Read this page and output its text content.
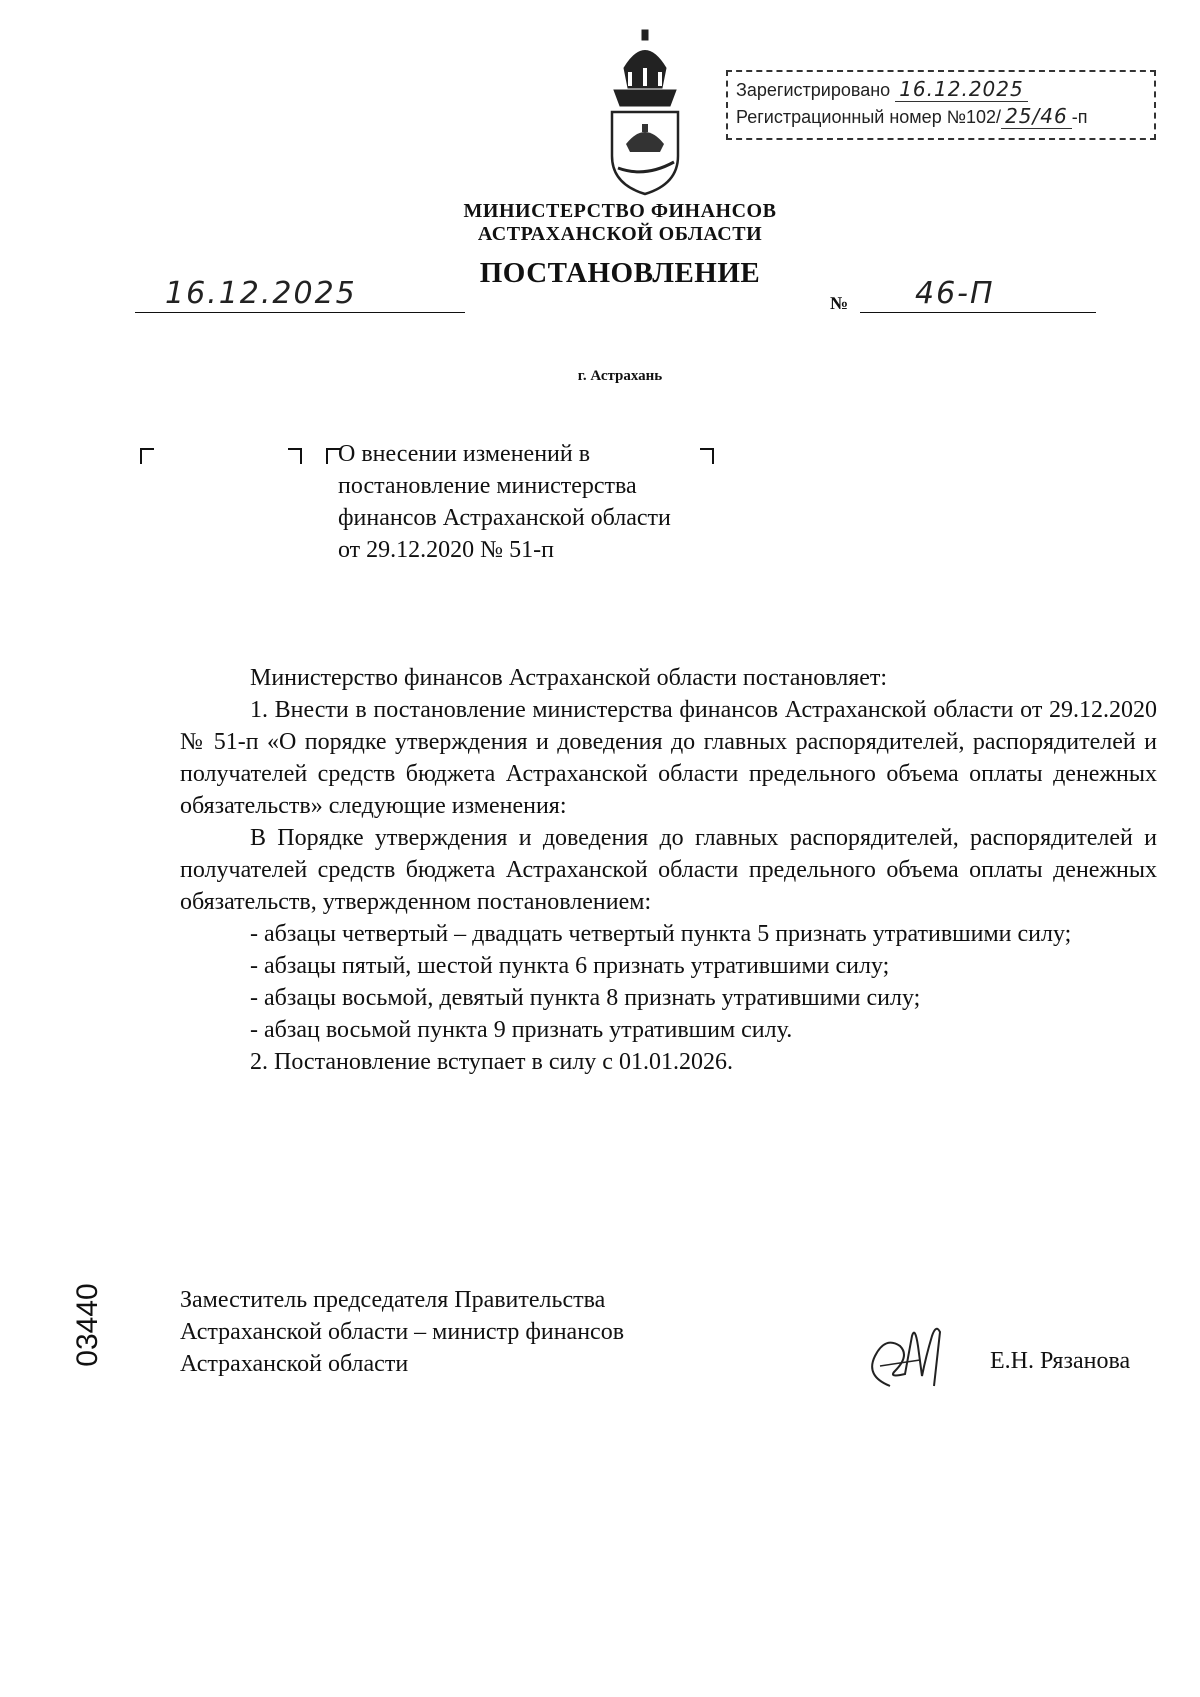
Зарегистрировано 16.12.2025
Регистрационный номер №102/ 25/46 -п
МИНИСТЕРСТВО ФИНАНСОВ
АСТРАХАНСКОЙ ОБЛАСТИ
ПОСТАНОВЛЕНИЕ
16.12.2025	№ 46-П
г. Астрахань
О внесении изменений в
постановление министерства
финансов Астраханской области
от 29.12.2020 № 51-п

Министерство финансов Астраханской области постановляет:

1. Внести в постановление министерства финансов Астраханской области от 29.12.2020 № 51-п «О порядке утверждения и доведения до главных распорядителей, распорядителей и получателей средств бюджета Астраханской области предельного объема оплаты денежных обязательств» следующие изменения:

В Порядке утверждения и доведения до главных распорядителей, распорядителей и получателей средств бюджета Астраханской области предельного объема оплаты денежных обязательств, утвержденном постановлением:

- абзацы четвертый – двадцать четвертый пункта 5 признать утратившими силу;

- абзацы пятый, шестой пункта 6 признать утратившими силу;

- абзацы восьмой, девятый пункта 8 признать утратившими силу;

- абзац восьмой пункта 9 признать утратившим силу.

2. Постановление вступает в силу с 01.01.2026.

03440	Заместитель председателя Правительства
Астраханской области – министр финансов
Астраханской области	Е.Н. Рязанова
